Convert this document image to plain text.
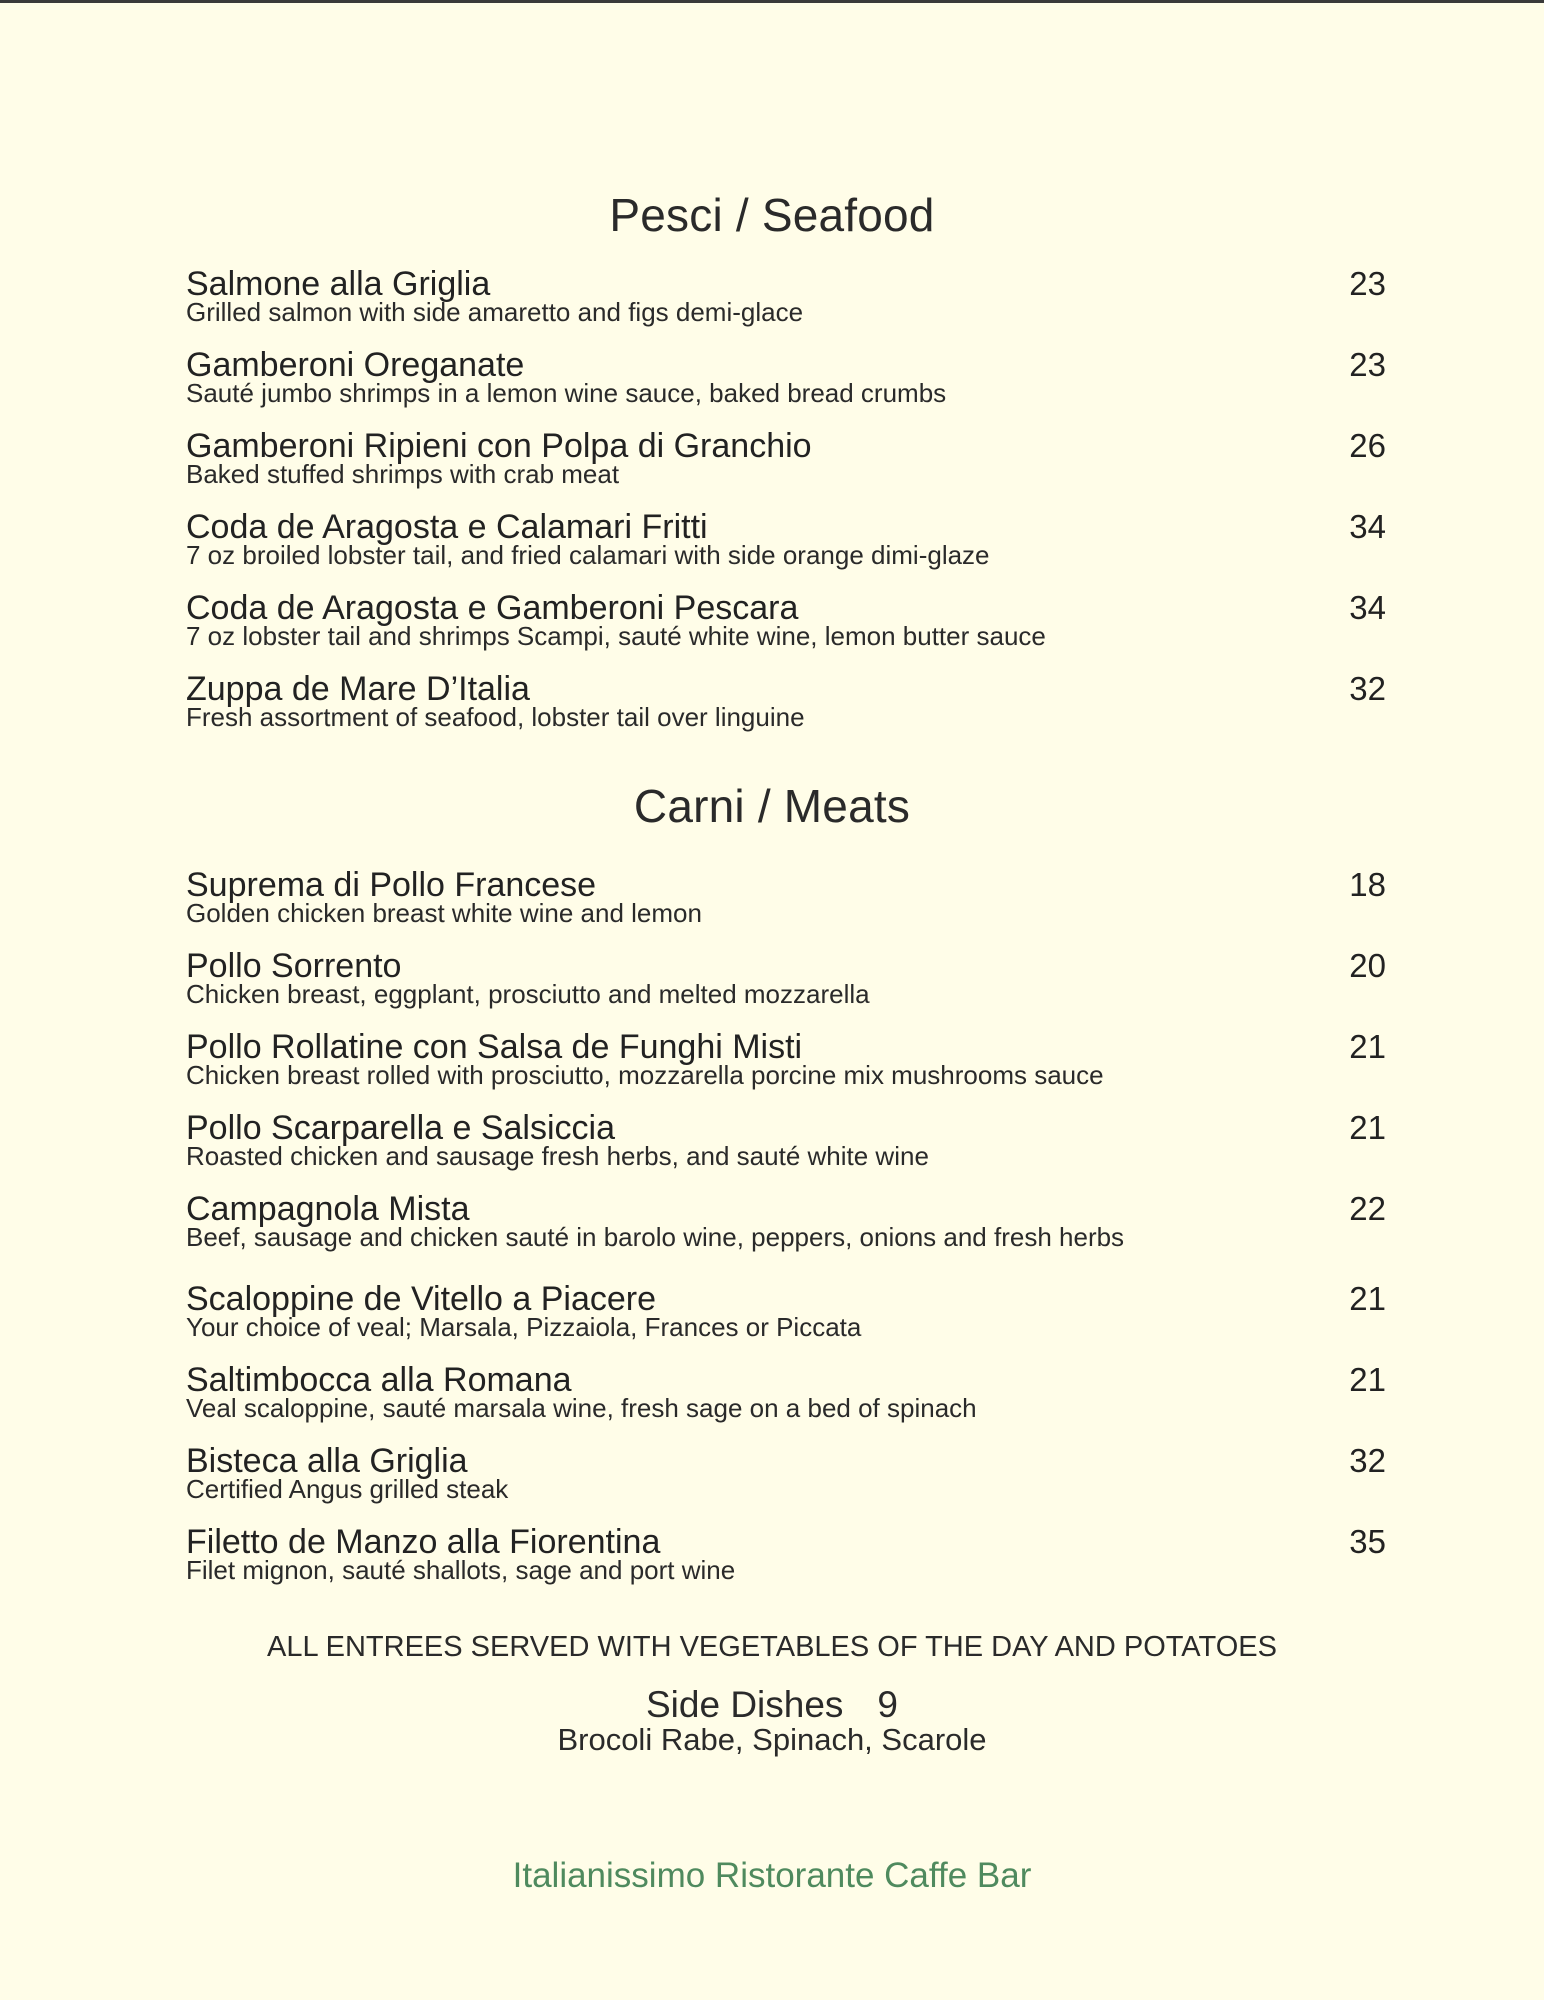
Pesci / Seafood
Salmone alla Griglia
Grilled salmon with side amaretto and figs demi-glace
23
Gamberoni Oreganate
Sauté jumbo shrimps in a lemon wine sauce, baked bread crumbs
23
Gamberoni Ripieni con Polpa di Granchio
Baked stuffed shrimps with crab meat
26
Coda de Aragosta e Calamari Fritti
7 oz broiled lobster tail, and fried calamari with side orange dimi-glaze
34
Coda de Aragosta e Gamberoni Pescara
7 oz lobster tail and shrimps Scampi, sauté white wine, lemon butter sauce
34
Zuppa de Mare D’Italia
Fresh assortment of seafood, lobster tail over linguine
32
Carni / Meats
Suprema di Pollo Francese
Golden chicken breast white wine and lemon
18
Pollo Sorrento
Chicken breast, eggplant, prosciutto and melted mozzarella
20
Pollo Rollatine con Salsa de Funghi Misti
Chicken breast rolled with prosciutto, mozzarella porcine mix mushrooms sauce
21
Pollo Scarparella e Salsiccia
Roasted chicken and sausage fresh herbs, and sauté white wine
21
Campagnola Mista
Beef, sausage and chicken sauté in barolo wine, peppers, onions and fresh herbs
22
Scaloppine de Vitello a Piacere
Your choice of veal; Marsala, Pizzaiola, Frances or Piccata
21
Saltimbocca alla Romana
Veal scaloppine, sauté marsala wine, fresh sage on a bed of spinach
21
Bisteca alla Griglia
Certified Angus grilled steak
32
Filetto de Manzo alla Fiorentina
Filet mignon, sauté shallots, sage and port wine
35
ALL ENTREES SERVED WITH VEGETABLES OF THE DAY AND POTATOES
Side Dishes 9
Brocoli Rabe, Spinach, Scarole
Italianissimo Ristorante Caffe Bar
